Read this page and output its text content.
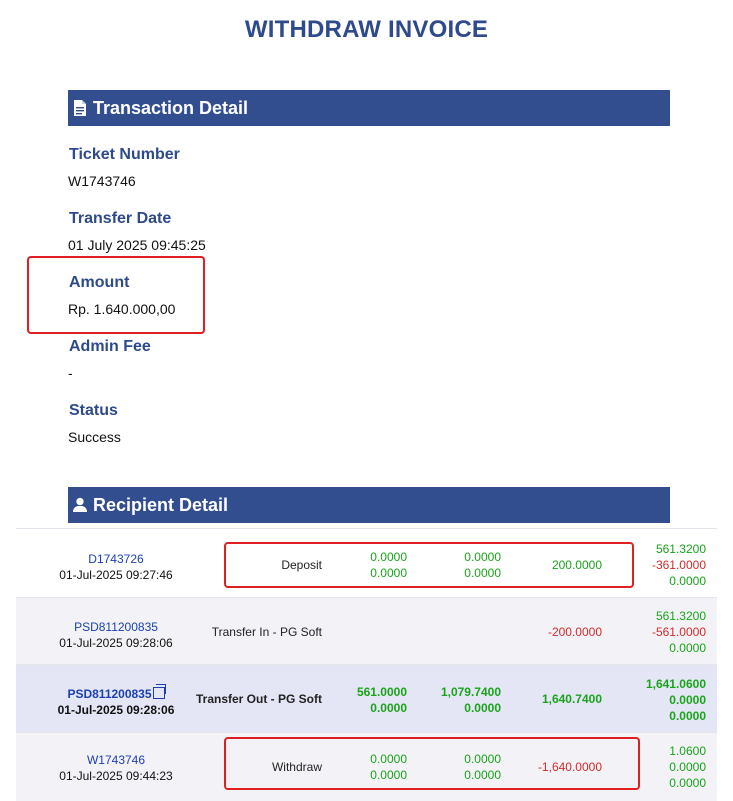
WITHDRAW INVOICE
Transaction Detail
Ticket Number
W1743746
Transfer Date
01 July 2025 09:45:25
Amount
Rp. 1.640.000,00
Admin Fee
-
Status
Success
Recipient Detail
D1743726
01-Jul-2025 09:27:46
Deposit
0.0000
0.0000
0.0000
0.0000
200.0000
561.3200
-361.0000
0.0000
PSD811200835
01-Jul-2025 09:28:06
Transfer In - PG Soft	-200.0000
561.3200
-561.0000
0.0000
PSD811200835
01-Jul-2025 09:28:06
Transfer Out - PG Soft	561.0000
0.0000
1,079.7400
0.0000
1,640.7400
1,641.0600
0.0000
0.0000
W1743746
01-Jul-2025 09:44:23
Withdraw
0.0000
0.0000
0.0000
0.0000
-1,640.0000
1.0600
0.0000
0.0000
